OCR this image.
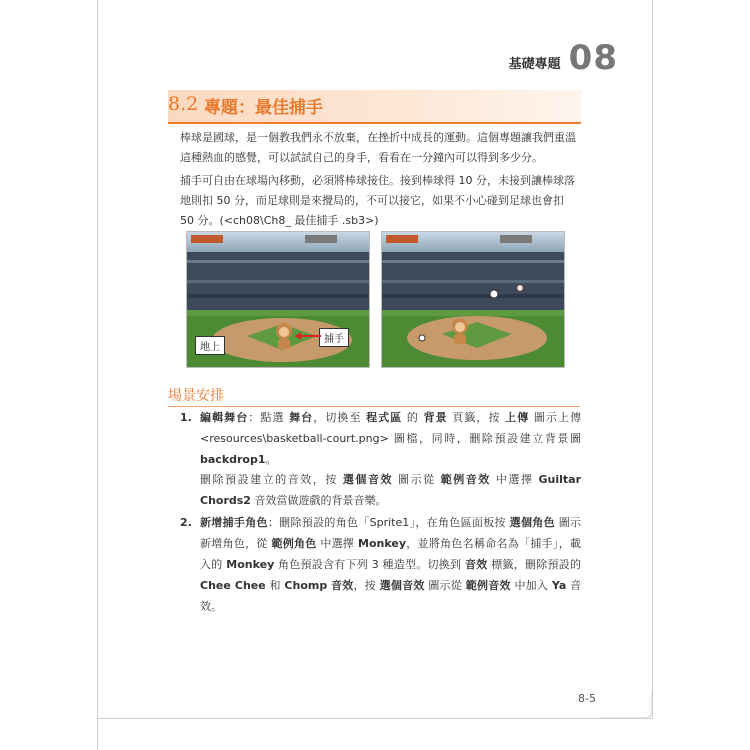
基礎專題 08
8.2 專題：最佳捕手

棒球是國球，是一個教我們永不放棄，在挫折中成長的運動。這個專題讓我們重溫這種熱血的感覺，可以試試自己的身手，看看在一分鐘內可以得到多少分。

捕手可自由在球場內移動，必須將棒球接住。接到棒球得 10 分，未接到讓棒球落地則扣 50 分，而足球則是來攪局的，不可以接它，如果不小心碰到足球也會扣 50 分。(<ch08\Ch8_ 最佳捕手 .sb3>)

捕手
地上
場景安排
1. 編輯舞台：點選 舞台，切換至 程式區 的 背景 頁籤，按 上傳 圖示上傳 <resources\basketball-court.png> 圖檔，同時，刪除預設建立背景圖 backdrop1。

刪除預設建立的音效，按 選個音效 圖示從 範例音效 中選擇 Guiltar Chords2 音效當做遊戲的背景音樂。

2. 新增捕手角色：刪除預設的角色「Sprite1」，在角色區面板按 選個角色 圖示新增角色，從 範例角色 中選擇 Monkey，並將角色名稱命名為「捕手」，載入的 Monkey 角色預設含有下列 3 種造型。切換到 音效 標籤，刪除預設的 Chee Chee 和 Chomp 音效，按 選個音效 圖示從 範例音效 中加入 Ya 音效。

8-5
